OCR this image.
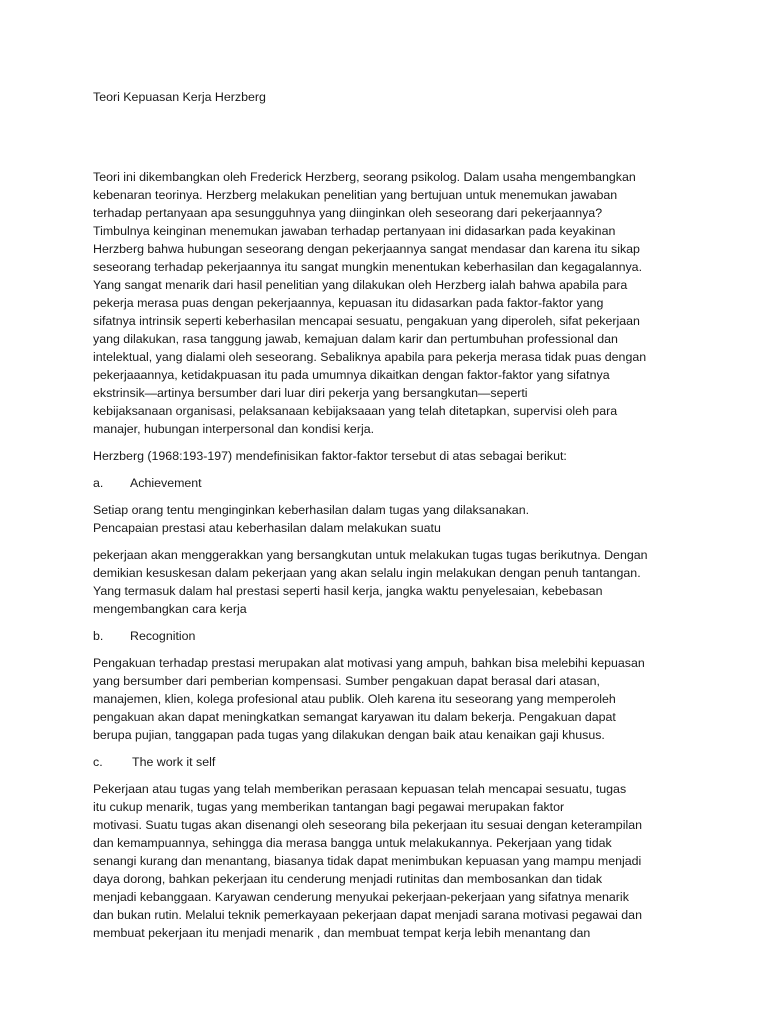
Teori Kepuasan Kerja Herzberg

Teori ini dikembangkan oleh Frederick Herzberg, seorang psikolog. Dalam usaha mengembangkan
kebenaran teorinya. Herzberg melakukan penelitian yang bertujuan untuk menemukan jawaban
terhadap pertanyaan apa sesungguhnya yang diinginkan oleh seseorang dari pekerjaannya?
Timbulnya keinginan menemukan jawaban terhadap pertanyaan ini didasarkan pada keyakinan
Herzberg bahwa hubungan seseorang dengan pekerjaannya sangat mendasar dan karena itu sikap
seseorang terhadap pekerjaannya itu sangat mungkin menentukan keberhasilan dan kegagalannya.
Yang sangat menarik dari hasil penelitian yang dilakukan oleh Herzberg ialah bahwa apabila para
pekerja merasa puas dengan pekerjaannya, kepuasan itu didasarkan pada faktor-faktor yang
sifatnya intrinsik seperti keberhasilan mencapai sesuatu, pengakuan yang diperoleh, sifat pekerjaan
yang dilakukan, rasa tanggung jawab, kemajuan dalam karir dan pertumbuhan professional dan
intelektual, yang dialami oleh seseorang. Sebaliknya apabila para pekerja merasa tidak puas dengan
pekerjaaannya, ketidakpuasan itu pada umumnya dikaitkan dengan faktor-faktor yang sifatnya
ekstrinsik—artinya bersumber dari luar diri pekerja yang bersangkutan—seperti
kebijaksanaan organisasi, pelaksanaan kebijaksaaan yang telah ditetapkan, supervisi oleh para
manajer, hubungan interpersonal dan kondisi kerja.

Herzberg (1968:193-197) mendefinisikan faktor-faktor tersebut di atas sebagai berikut:

a.	Achievement

Setiap orang tentu menginginkan keberhasilan dalam tugas yang dilaksanakan.
Pencapaian prestasi atau keberhasilan dalam melakukan suatu

pekerjaan akan menggerakkan yang bersangkutan untuk melakukan tugas tugas berikutnya. Dengan
demikian kesuskesan dalam pekerjaan yang akan selalu ingin melakukan dengan penuh tantangan.
Yang termasuk dalam hal prestasi seperti hasil kerja, jangka waktu penyelesaian, kebebasan
mengembangkan cara kerja

b.	Recognition

Pengakuan terhadap prestasi merupakan alat motivasi yang ampuh, bahkan bisa melebihi kepuasan
yang bersumber dari pemberian kompensasi. Sumber pengakuan dapat berasal dari atasan,
manajemen, klien, kolega profesional atau publik. Oleh karena itu seseorang yang memperoleh
pengakuan akan dapat meningkatkan semangat karyawan itu dalam bekerja. Pengakuan dapat
berupa pujian, tanggapan pada tugas yang dilakukan dengan baik atau kenaikan gaji khusus.

c.	The work it self

Pekerjaan atau tugas yang telah memberikan perasaan kepuasan telah mencapai sesuatu, tugas
itu cukup menarik, tugas yang memberikan tantangan bagi pegawai merupakan faktor
motivasi. Suatu tugas akan disenangi oleh seseorang bila pekerjaan itu sesuai dengan keterampilan
dan kemampuannya, sehingga dia merasa bangga untuk melakukannya. Pekerjaan yang tidak
senangi kurang dan menantang, biasanya tidak dapat menimbukan kepuasan yang mampu menjadi
daya dorong, bahkan pekerjaan itu cenderung menjadi rutinitas dan membosankan dan tidak
menjadi kebanggaan. Karyawan cenderung menyukai pekerjaan-pekerjaan yang sifatnya menarik
dan bukan rutin. Melalui teknik pemerkayaan pekerjaan dapat menjadi sarana motivasi pegawai dan
membuat pekerjaan itu menjadi menarik , dan membuat tempat kerja lebih menantang dan
